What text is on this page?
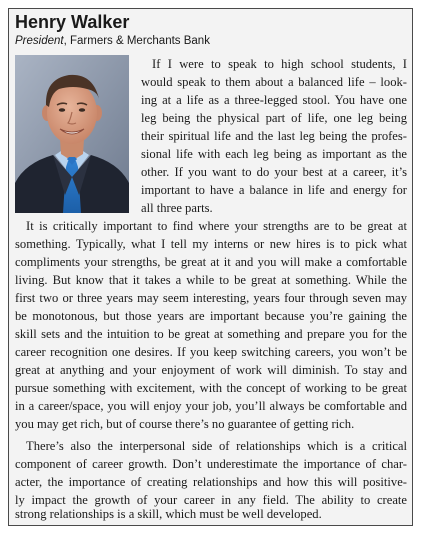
Henry Walker
President, Farmers & Merchants Bank
If I were to speak to high school students, I
would speak to them about a balanced life – look-
ing at a life as a three-legged stool. You have one
leg being the physical part of life, one leg being
their spiritual life and the last leg being the profes-
sional life with each leg being as important as the
other. If you want to do your best at a career, it’s
important to have a balance in life and energy for
all three parts.
It is critically important to find where your strengths are to be great at
something. Typically, what I tell my interns or new hires is to pick what
compliments your strengths, be great at it and you will make a comfortable
living. But know that it takes a while to be great at something. While the
first two or three years may seem interesting, years four through seven may
be monotonous, but those years are important because you’re gaining the
skill sets and the intuition to be great at something and prepare you for the
career recognition one desires. If you keep switching careers, you won’t be
great at anything and your enjoyment of work will diminish. To stay and
pursue something with excitement, with the concept of working to be great
in a career/space, you will enjoy your job, you’ll always be comfortable and
you may get rich, but of course there’s no guarantee of getting rich.
There’s also the interpersonal side of relationships which is a critical
component of career growth. Don’t underestimate the importance of char-
acter, the importance of creating relationships and how this will positive-
ly impact the growth of your career in any field. The ability to create
strong relationships is a skill, which must be well developed.
